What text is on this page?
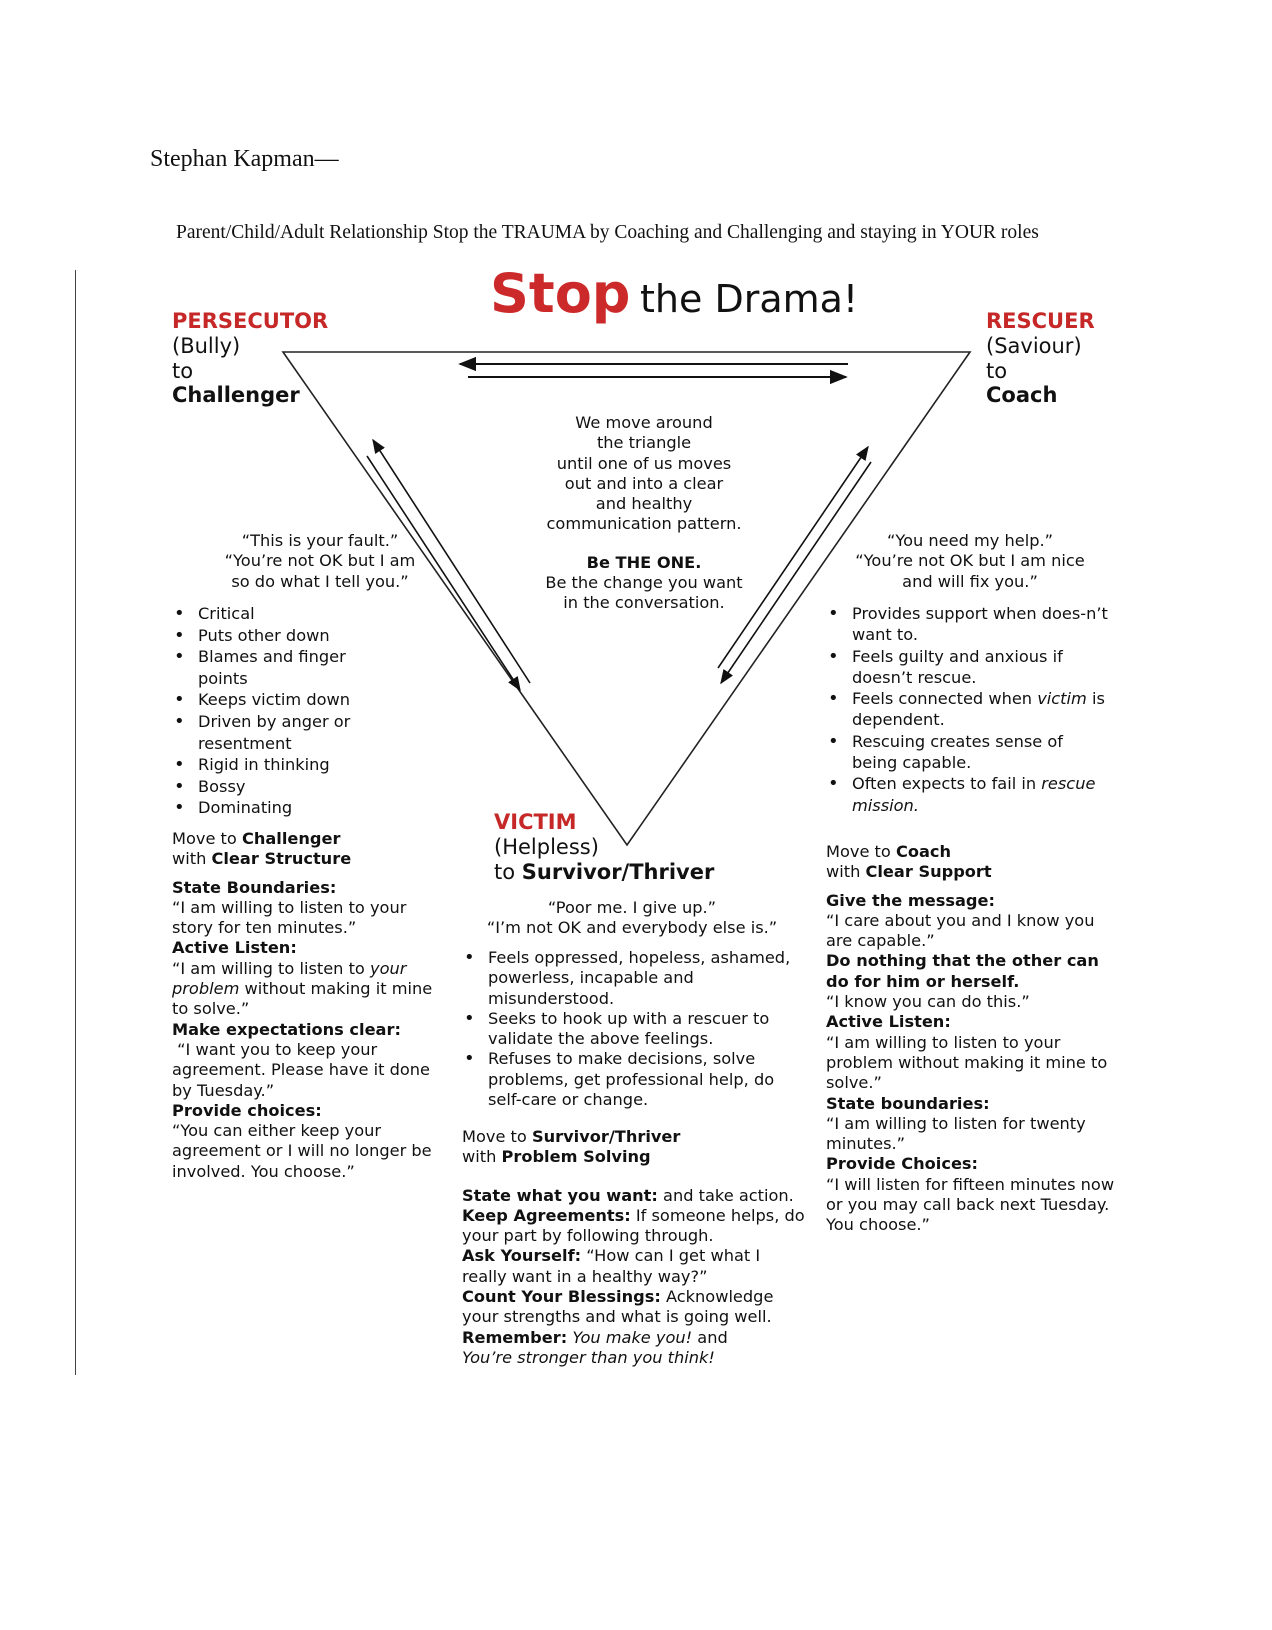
Stephan Kapman—
Parent/Child/Adult Relationship Stop the TRAUMA by Coaching and Challenging and staying in YOUR roles
Stop the Drama!
PERSECUTOR
(Bully)
to
Challenger
RESCUER
(Saviour)
to
Coach
We move around
the triangle
until one of us moves
out and into a clear
and healthy
communication pattern.
Be THE ONE.
Be the change you want
in the conversation.
“This is your fault.”
“You’re not OK but I am
so do what I tell you.”
• Critical
• Puts other down
• Blames and finger points
• Keeps victim down
• Driven by anger or resentment
• Rigid in thinking
• Bossy
• Dominating
Move to Challenger
with Clear Structure
State Boundaries:
“I am willing to listen to your story for ten minutes.”
Active Listen:
“I am willing to listen to your problem without making it mine to solve.”
Make expectations clear:
“I want you to keep your agreement. Please have it done by Tuesday.”
Provide choices:
“You can either keep your agreement or I will no longer be involved. You choose.”
“You need my help.”
“You’re not OK but I am nice
and will fix you.”
• Provides support when does-n’t want to.
• Feels guilty and anxious if doesn’t rescue.
• Feels connected when victim is dependent.
• Rescuing creates sense of being capable.
• Often expects to fail in rescue mission.
Move to Coach
with Clear Support
Give the message:
“I care about you and I know you are capable.”
Do nothing that the other can do for him or herself.
“I know you can do this.”
Active Listen:
“I am willing to listen to your problem without making it mine to solve.”
State boundaries:
“I am willing to listen for twenty minutes.”
Provide Choices:
“I will listen for fifteen minutes now or you may call back next Tuesday. You choose.”
VICTIM
(Helpless)
to Survivor/Thriver
“Poor me. I give up.”
“I’m not OK and everybody else is.”
• Feels oppressed, hopeless, ashamed, powerless, incapable and misunderstood.
• Seeks to hook up with a rescuer to validate the above feelings.
• Refuses to make decisions, solve problems, get professional help, do self-care or change.
Move to Survivor/Thriver
with Problem Solving
State what you want: and take action.
Keep Agreements: If someone helps, do your part by following through.
Ask Yourself: “How can I get what I really want in a healthy way?”
Count Your Blessings: Acknowledge your strengths and what is going well.
Remember: You make you! and
You’re stronger than you think!
